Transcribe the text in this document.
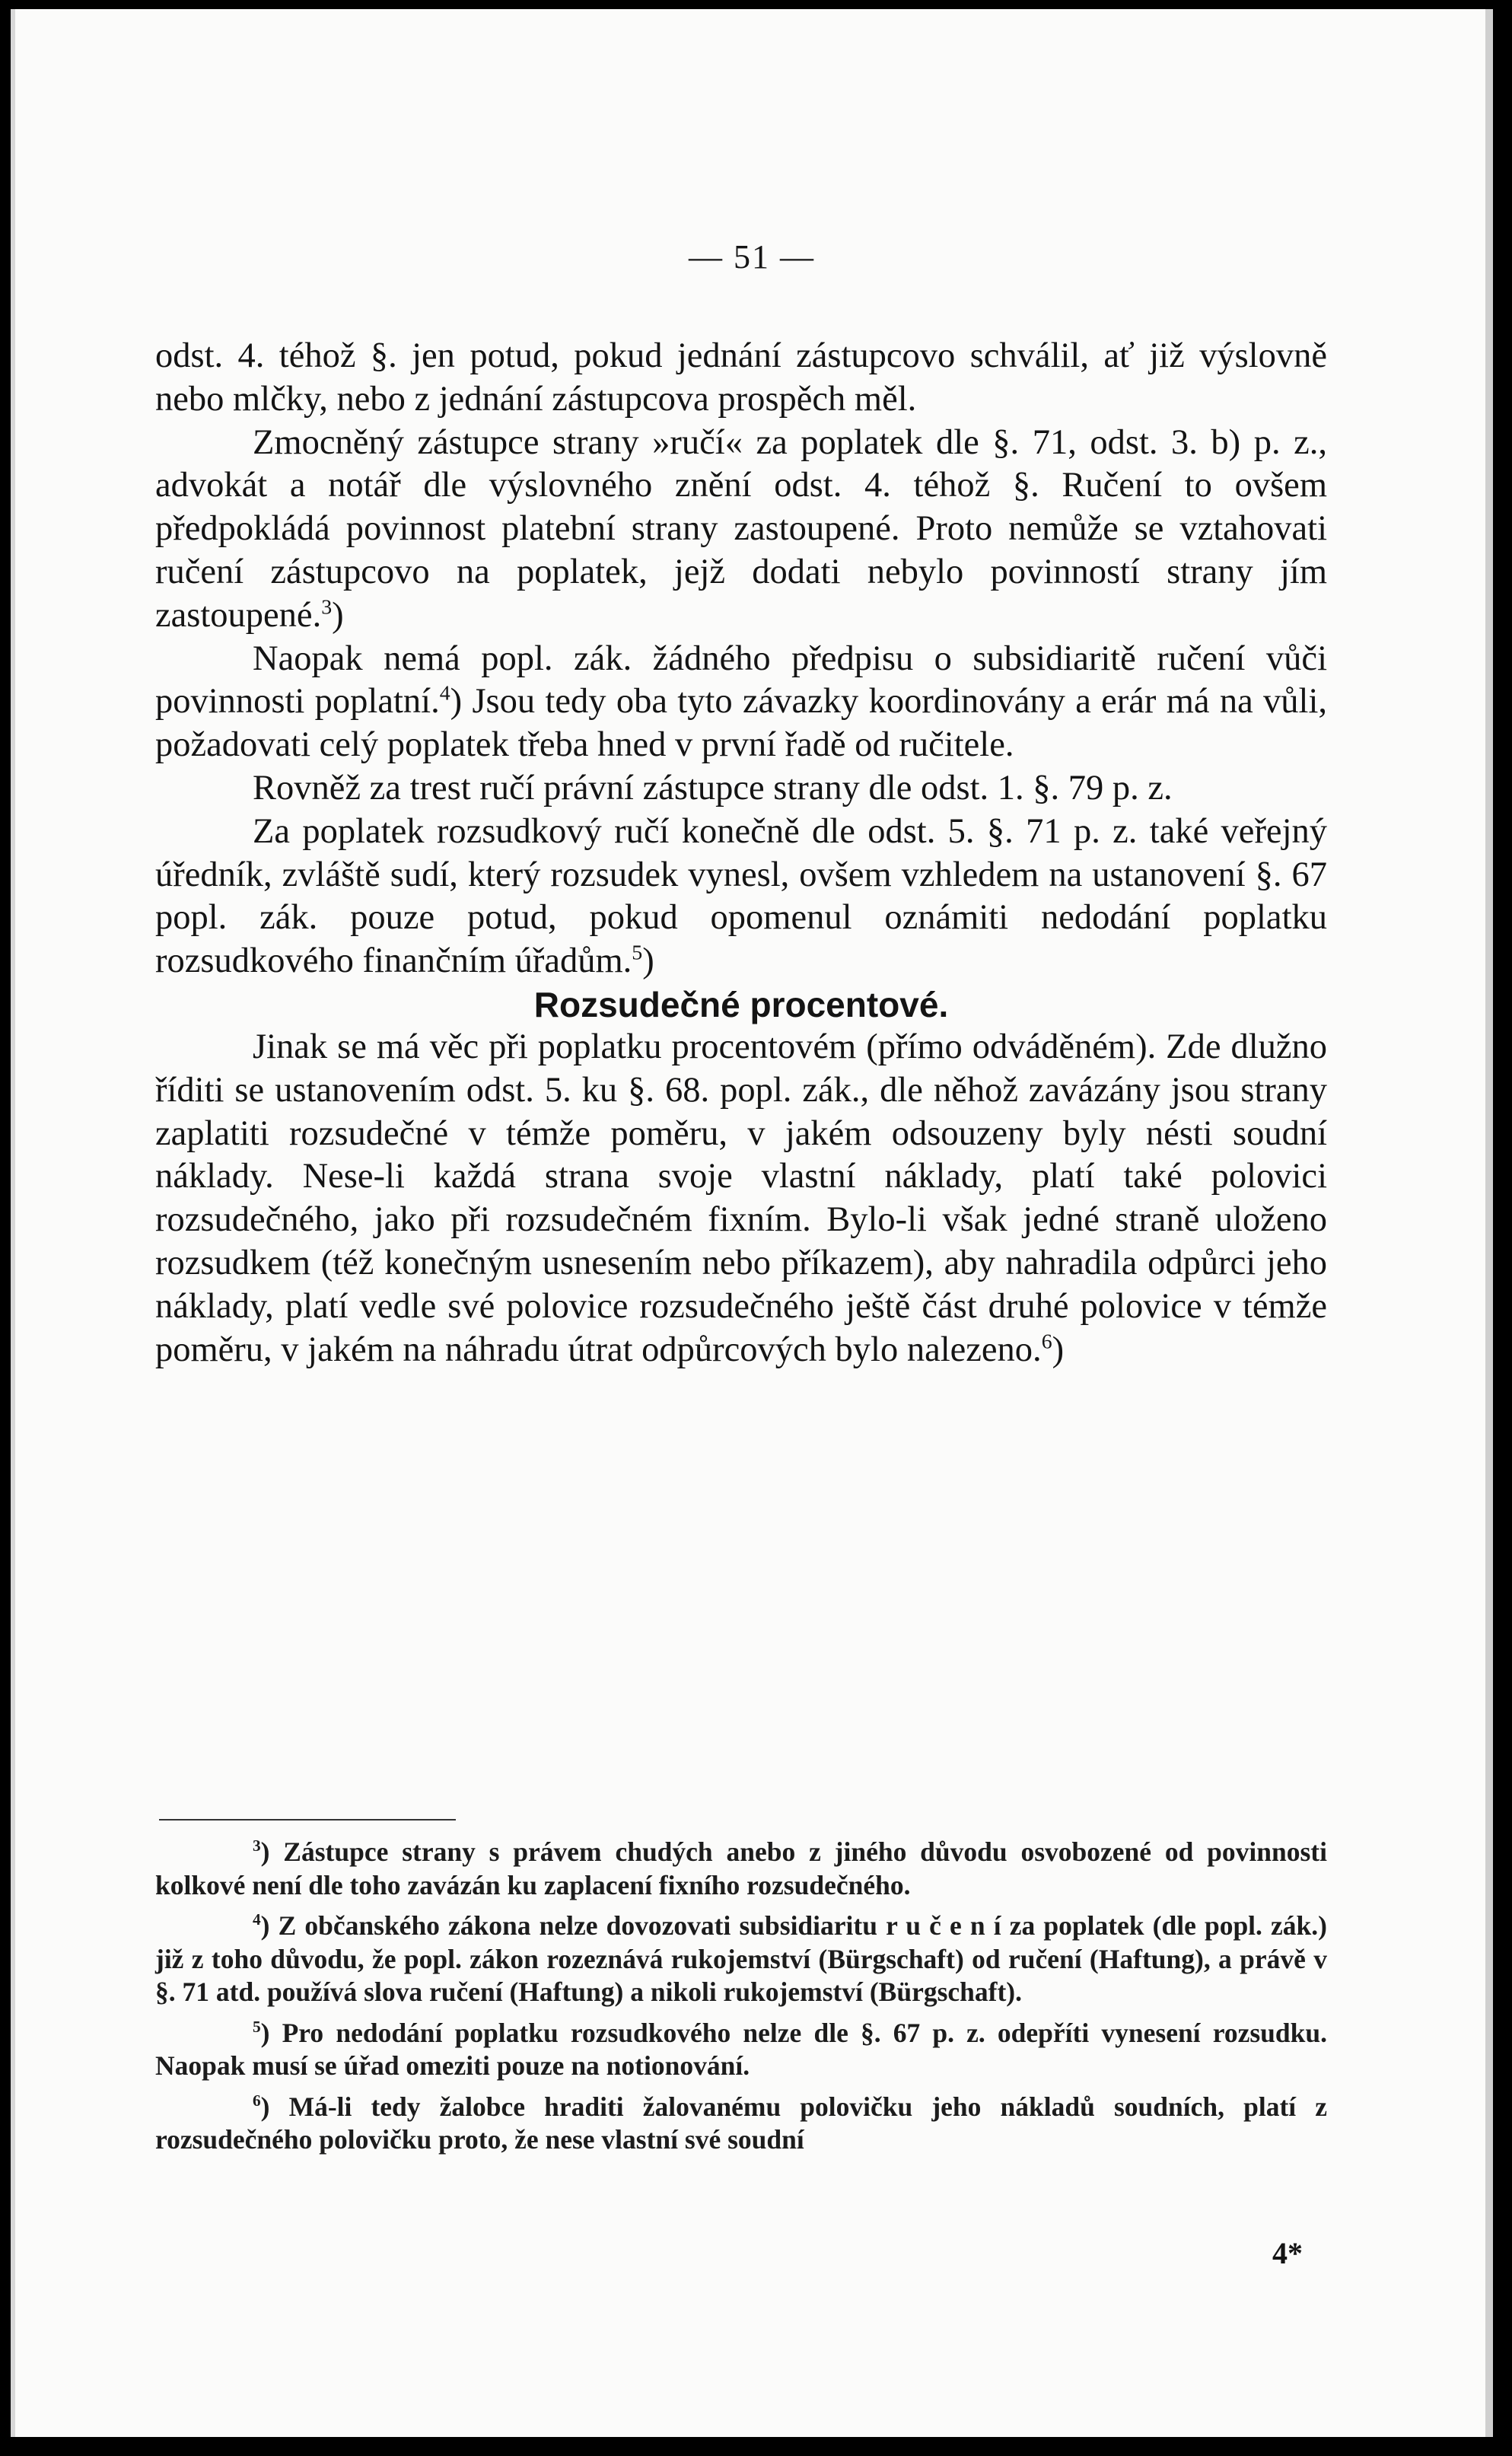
— 51 —

odst. 4. téhož §. jen potud, pokud jednání zástupcovo schválil, ať již výslovně nebo mlčky, nebo z jednání zástupcova prospěch měl.

Zmocněný zástupce strany »ručí« za poplatek dle §. 71, odst. 3. b) p. z., advokát a notář dle výslovného znění odst. 4. téhož §. Ručení to ovšem předpokládá povinnost platební strany zastoupené. Proto nemůže se vztahovati ručení zástupcovo na poplatek, jejž dodati nebylo povinností strany jím zastoupené.$^3$)

Naopak nemá popl. zák. žádného předpisu o subsidiaritě ručení vůči povinnosti poplatní.$^4$) Jsou tedy oba tyto závazky koordinovány a erár má na vůli, požadovati celý poplatek třeba hned v první řadě od ručitele.

Rovněž za trest ručí právní zástupce strany dle odst. 1. §. 79 p. z.

Za poplatek rozsudkový ručí konečně dle odst. 5. §. 71 p. z. také veřejný úředník, zvláště sudí, který rozsudek vynesl, ovšem vzhledem na ustanovení §. 67 popl. zák. pouze potud, pokud opomenul oznámiti nedodání poplatku rozsudkového finančním úřadům.$^5$)

Rozsudečné procentové.

Jinak se má věc při poplatku procentovém (přímo odváděném). Zde dlužno říditi se ustanovením odst. 5. ku §. 68. popl. zák., dle něhož zavázány jsou strany zaplatiti rozsudečné v témže poměru, v jakém odsouzeny byly nésti soudní náklady. Nese-li každá strana svoje vlastní náklady, platí také polovici rozsudečného, jako při rozsudečném fixním. Bylo-li však jedné straně uloženo rozsudkem (též konečným usnesením nebo příkazem), aby nahradila odpůrci jeho náklady, platí vedle své polovice rozsudečného ještě část druhé polovice v témže poměru, v jakém na náhradu útrat odpůrcových bylo nalezeno.$^6$)

$^3$) Zástupce strany s právem chudých anebo z jiného důvodu osvobozené od povinnosti kolkové není dle toho zavázán ku zaplacení fixního rozsudečného.

$^4$) Z občanského zákona nelze dovozovati subsidiaritu r u č e n í za poplatek (dle popl. zák.) již z toho důvodu, že popl. zákon rozeznává rukojemství (Bürgschaft) od ručení (Haftung), a právě v §. 71 atd. používá slova ručení (Haftung) a nikoli rukojemství (Bürgschaft).

$^5$) Pro nedodání poplatku rozsudkového nelze dle §. 67 p. z. odepříti vynesení rozsudku. Naopak musí se úřad omeziti pouze na notionování.

$^6$) Má-li tedy žalobce hraditi žalovanému polovičku jeho nákladů soudních, platí z rozsudečného polovičku proto, že nese vlastní své soudní

4*
